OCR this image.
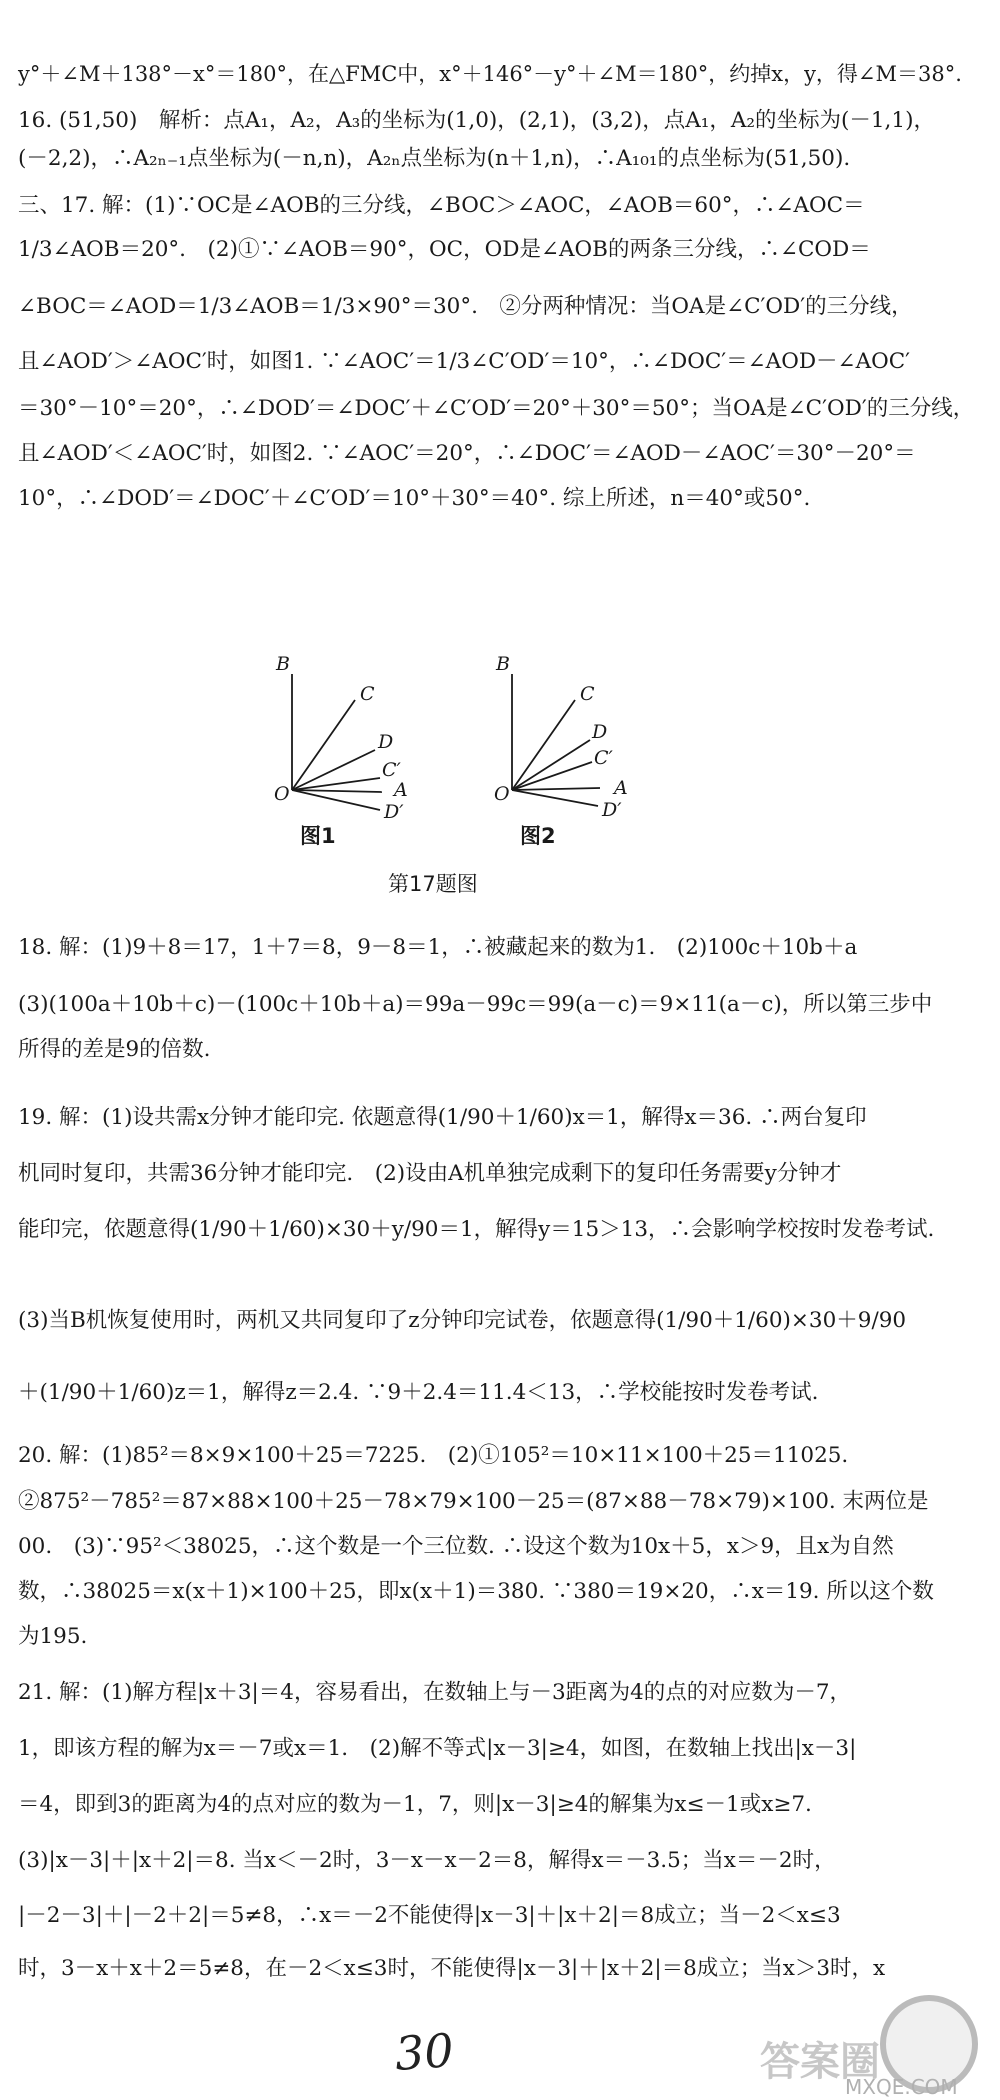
y°＋∠M＋138°－x°＝180°，在△FMC中，x°＋146°－y°＋∠M＝180°，约掉x，y，得∠M＝38°.
16. (51,50)　解析：点A₁，A₂，A₃的坐标为(1,0)，(2,1)，(3,2)，点A₁，A₂的坐标为(－1,1)，
(－2,2)，∴A₂ₙ₋₁点坐标为(－n,n)，A₂ₙ点坐标为(n＋1,n)，∴A₁₀₁的点坐标为(51,50).
三、17. 解：(1)∵OC是∠AOB的三分线，∠BOC＞∠AOC，∠AOB＝60°，∴∠AOC＝
1/3∠AOB＝20°.　(2)①∵∠AOB＝90°，OC，OD是∠AOB的两条三分线，∴∠COD＝
∠BOC＝∠AOD＝1/3∠AOB＝1/3×90°＝30°.　②分两种情况：当OA是∠C′OD′的三分线，
且∠AOD′＞∠AOC′时，如图1. ∵∠AOC′＝1/3∠C′OD′＝10°，∴∠DOC′＝∠AOD－∠AOC′
＝30°－10°＝20°，∴∠DOD′＝∠DOC′＋∠C′OD′＝20°＋30°＝50°；当OA是∠C′OD′的三分线，
且∠AOD′＜∠AOC′时，如图2. ∵∠AOC′＝20°，∴∠DOC′＝∠AOD－∠AOC′＝30°－20°＝
10°，∴∠DOD′＝∠DOC′＋∠C′OD′＝10°＋30°＝40°. 综上所述，n＝40°或50°.
B
C
D
C′
A
D′
O
图1
B
C
D
C′
A
D′
O
图2
第17题图
18. 解：(1)9＋8＝17，1＋7＝8，9－8＝1，∴被藏起来的数为1.　(2)100c＋10b＋a
(3)(100a＋10b＋c)－(100c＋10b＋a)＝99a－99c＝99(a－c)＝9×11(a－c)，所以第三步中
所得的差是9的倍数.
19. 解：(1)设共需x分钟才能印完. 依题意得(1/90＋1/60)x＝1，解得x＝36. ∴两台复印
机同时复印，共需36分钟才能印完.　(2)设由A机单独完成剩下的复印任务需要y分钟才
能印完，依题意得(1/90＋1/60)×30＋y/90＝1，解得y＝15＞13，∴会影响学校按时发卷考试.
(3)当B机恢复使用时，两机又共同复印了z分钟印完试卷，依题意得(1/90＋1/60)×30＋9/90
＋(1/90＋1/60)z＝1，解得z＝2.4. ∵9＋2.4＝11.4＜13，∴学校能按时发卷考试.
20. 解：(1)85²＝8×9×100＋25＝7225.　(2)①105²＝10×11×100＋25＝11025.
②875²－785²＝87×88×100＋25－78×79×100－25＝(87×88－78×79)×100. 末两位是
00.　(3)∵95²＜38025，∴这个数是一个三位数. ∴设这个数为10x＋5，x＞9，且x为自然
数，∴38025＝x(x＋1)×100＋25，即x(x＋1)＝380. ∵380＝19×20，∴x＝19. 所以这个数
为195.
21. 解：(1)解方程|x＋3|＝4，容易看出，在数轴上与－3距离为4的点的对应数为－7，
1，即该方程的解为x＝－7或x＝1.　(2)解不等式|x－3|≥4，如图，在数轴上找出|x－3|
＝4，即到3的距离为4的点对应的数为－1，7，则|x－3|≥4的解集为x≤－1或x≥7.
(3)|x－3|＋|x＋2|＝8. 当x＜－2时，3－x－x－2＝8，解得x＝－3.5；当x＝－2时，
|－2－3|＋|－2＋2|＝5≠8，∴x＝－2不能使得|x－3|＋|x＋2|＝8成立；当－2＜x≤3
时，3－x＋x＋2＝5≠8，在－2＜x≤3时，不能使得|x－3|＋|x＋2|＝8成立；当x＞3时，x
30	答案圈
MXQE.COM
